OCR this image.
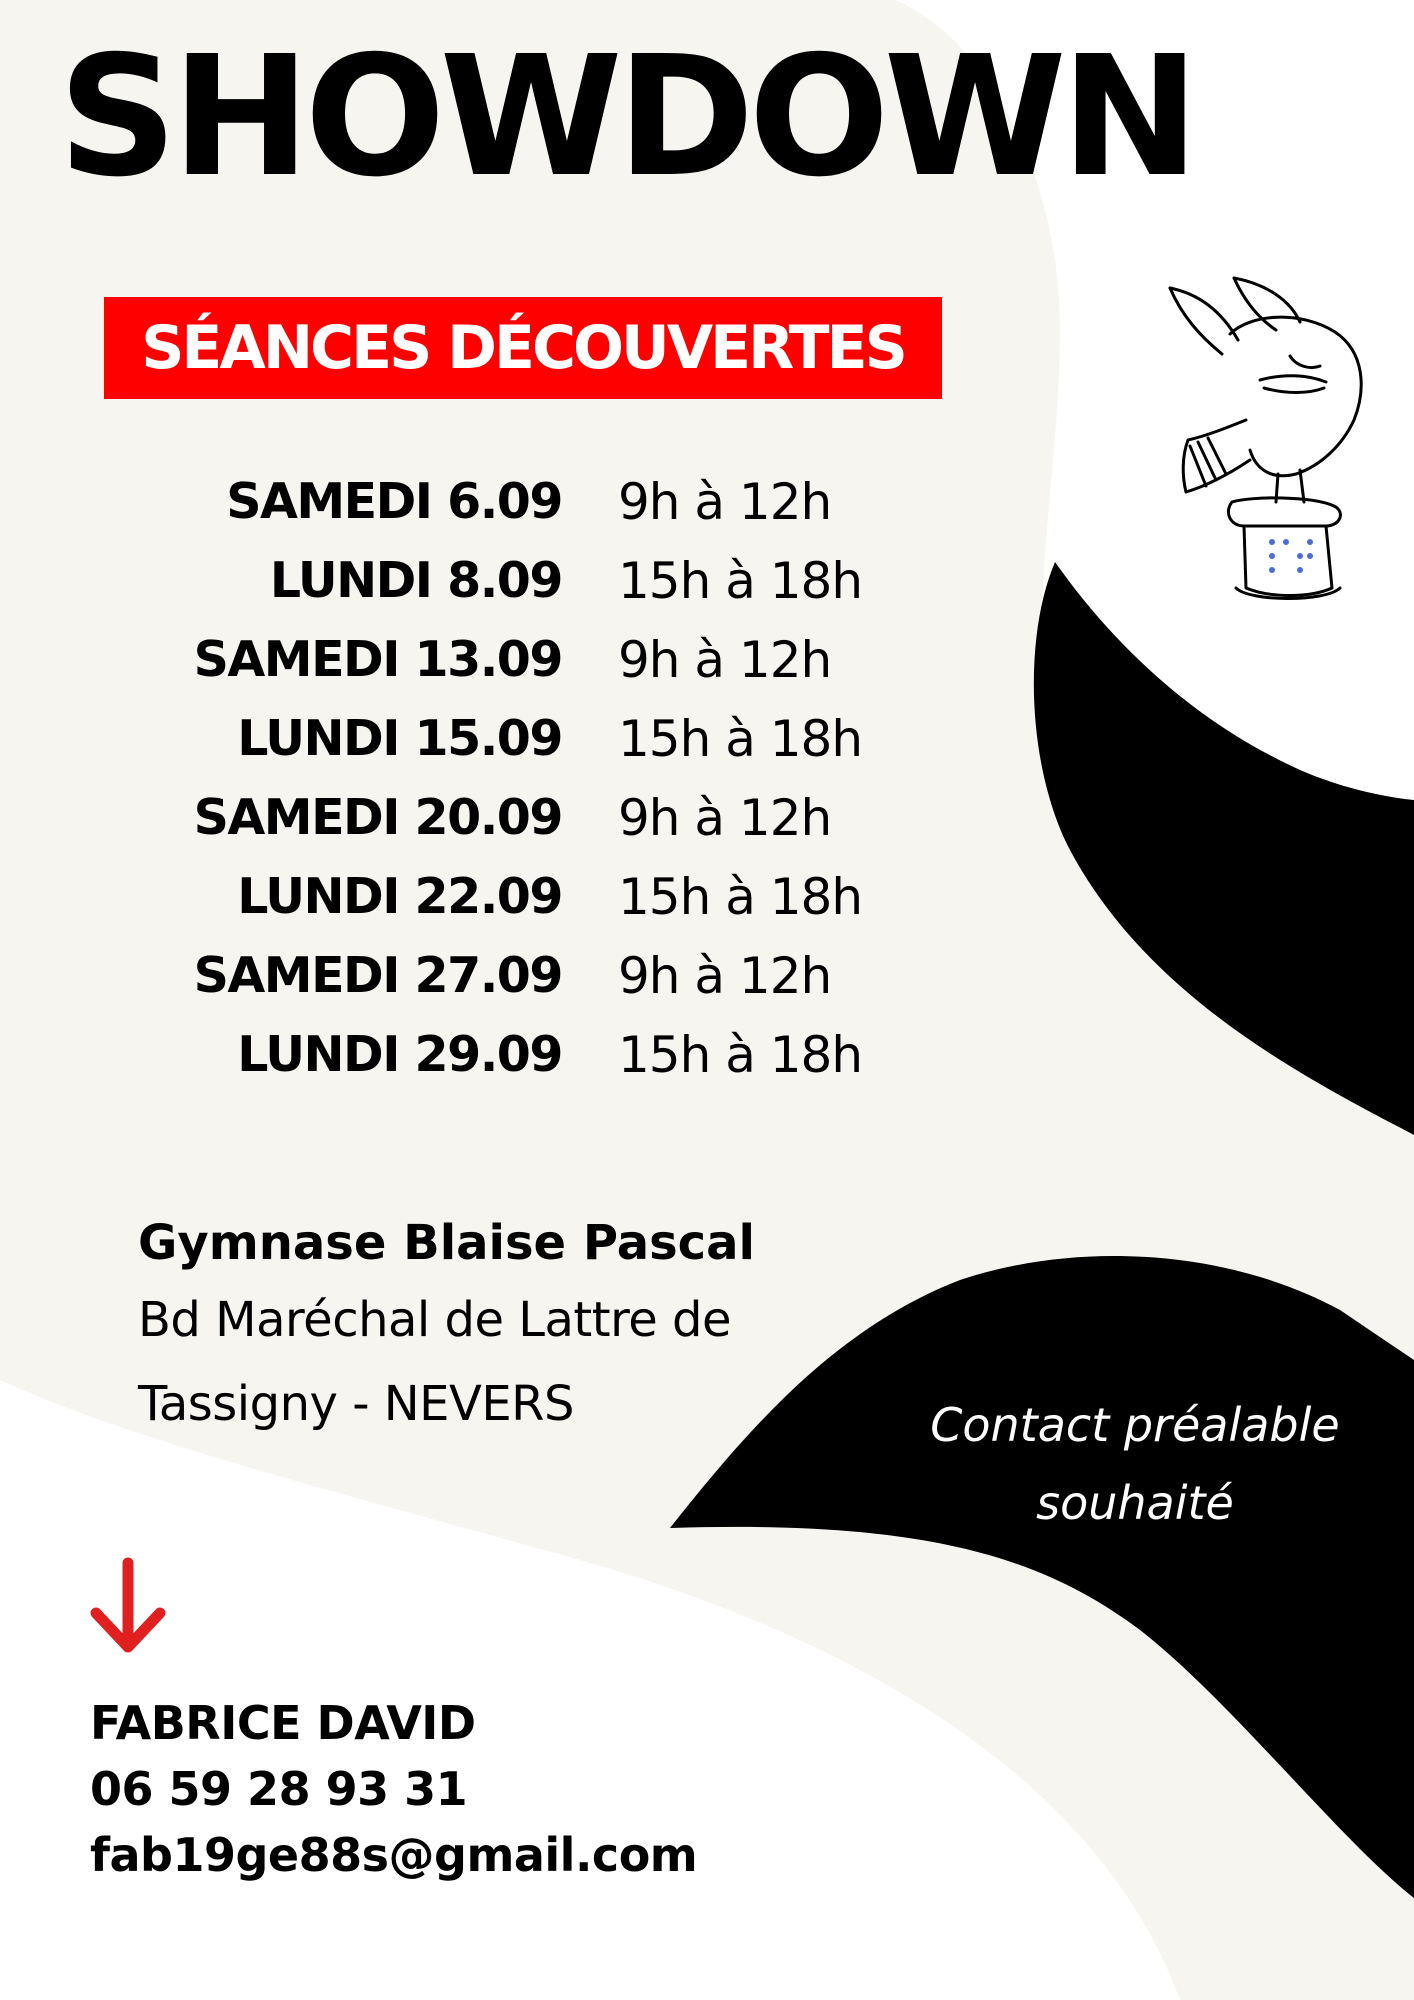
SHOWDOWN
SÉANCES DÉCOUVERTES
SAMEDI 6.09 9h à 12h
LUNDI 8.09 15h à 18h
SAMEDI 13.09 9h à 12h
LUNDI 15.09 15h à 18h
SAMEDI 20.09 9h à 12h
LUNDI 22.09 15h à 18h
SAMEDI 27.09 9h à 12h
LUNDI 29.09 15h à 18h
Gymnase Blaise Pascal
Bd Maréchal de Lattre de
Tassigny - NEVERS	Contact préalable
souhaité
FABRICE DAVID
06 59 28 93 31
fab19ge88s@gmail.com
